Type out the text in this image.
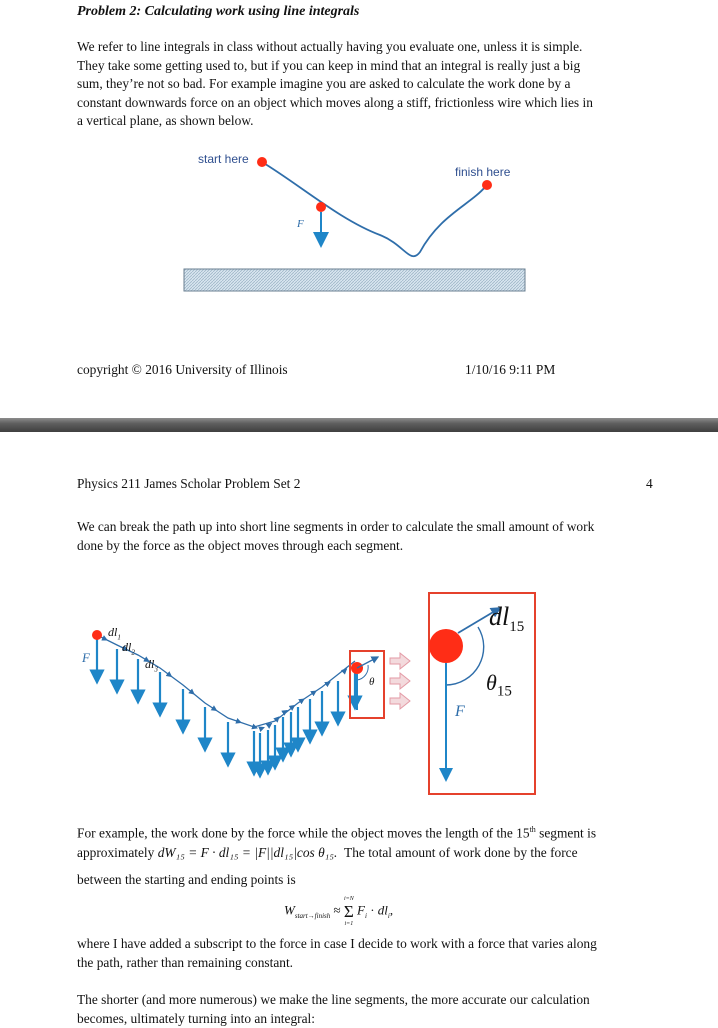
Problem 2: Calculating work using line integrals
We refer to line integrals in class without actually having you evaluate one, unless it is simple.
They take some getting used to, but if you can keep in mind that an integral is really just a big
sum, they’re not so bad. For example imagine you are asked to calculate the work done by a
constant downwards force on an object which moves along a stiff, frictionless wire which lies in
a vertical plane, as shown below.
start here
finish here
F
copyright © 2016 University of Illinois	1/10/16 9:11 PM
Physics 211 James Scholar Problem Set 2	4
We can break the path up into short line segments in order to calculate the small amount of work
done by the force as the object moves through each segment.
F
$dl_1$
$dl_2$
$dl_3$
θ
$dl_{15}$
$\theta_{15}$
F
For example, the work done by the force while the object moves the length of the 15th segment is
approximately dW₁₅ = F · dl₁₅ = |F||dl₁₅|cos θ₁₅. The total amount of work done by the force
between the starting and ending points is
$W_{start\to finish}$ ≈
i=N
Σ
i=1
$F_i \cdot dl_i$,
where I have added a subscript to the force in case I decide to work with a force that varies along
the path, rather than remaining constant.
The shorter (and more numerous) we make the line segments, the more accurate our calculation
becomes, ultimately turning into an integral:
